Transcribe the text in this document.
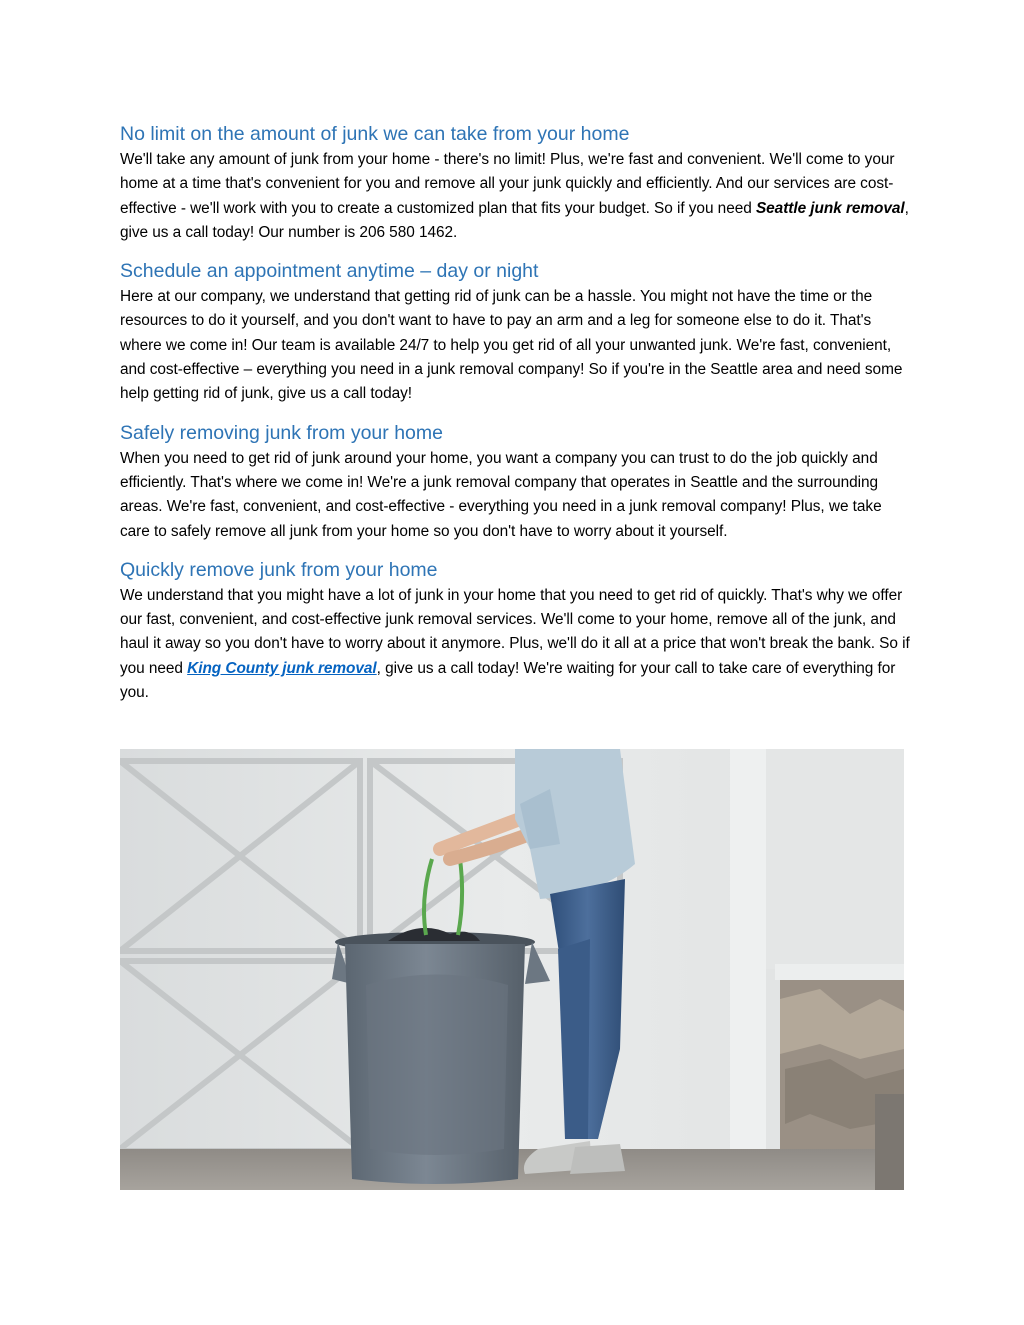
No limit on the amount of junk we can take from your home

We'll take any amount of junk from your home - there's no limit! Plus, we're fast and convenient. We'll come to your home at a time that's convenient for you and remove all your junk quickly and efficiently. And our services are cost-effective - we'll work with you to create a customized plan that fits your budget. So if you need Seattle junk removal, give us a call today! Our number is 206 580 1462.

Schedule an appointment anytime – day or night

Here at our company, we understand that getting rid of junk can be a hassle. You might not have the time or the resources to do it yourself, and you don't want to have to pay an arm and a leg for someone else to do it. That's where we come in! Our team is available 24/7 to help you get rid of all your unwanted junk. We're fast, convenient, and cost-effective – everything you need in a junk removal company! So if you're in the Seattle area and need some help getting rid of junk, give us a call today!

Safely removing junk from your home

When you need to get rid of junk around your home, you want a company you can trust to do the job quickly and efficiently. That's where we come in! We're a junk removal company that operates in Seattle and the surrounding areas. We're fast, convenient, and cost-effective - everything you need in a junk removal company! Plus, we take care to safely remove all junk from your home so you don't have to worry about it yourself.

Quickly remove junk from your home

We understand that you might have a lot of junk in your home that you need to get rid of quickly. That's why we offer our fast, convenient, and cost-effective junk removal services. We'll come to your home, remove all of the junk, and haul it away so you don't have to worry about it anymore. Plus, we'll do it all at a price that won't break the bank. So if you need King County junk removal, give us a call today! We're waiting for your call to take care of everything for you.
